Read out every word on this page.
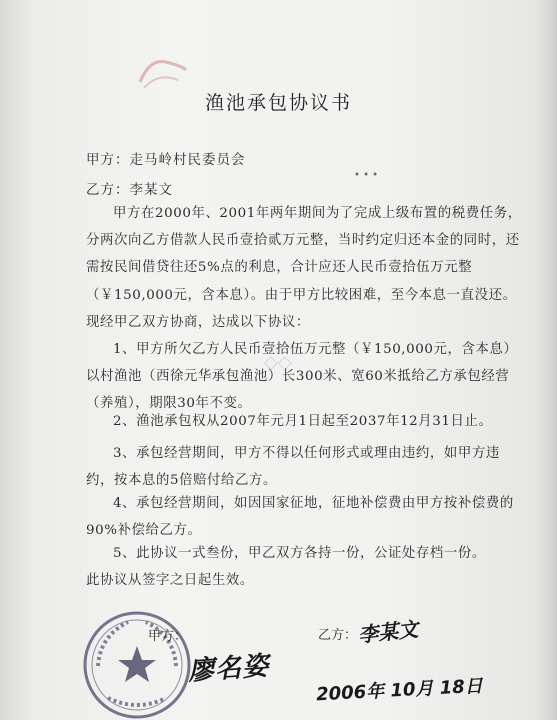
渔池承包协议书
甲方：走马岭村民委员会
• • •
乙方：李某文
甲方在2000年、2001年两年期间为了完成上级布置的税费任务，分两次向乙方借款人民币壹拾贰万元整，当时约定归还本金的同时，还需按民间借贷往还5%点的利息，合计应还人民币壹拾伍万元整（￥150,000元，含本息）。由于甲方比较困难，至今本息一直没还。现经甲乙双方协商，达成以下协议：
1、甲方所欠乙方人民币壹拾伍万元整（￥150,000元，含本息）以村渔池（西徐元华承包渔池）长300米、宽60米抵给乙方承包经营（养殖），期限30年不变。
2、渔池承包权从2007年元月1日起至2037年12月31日止。
3、承包经营期间，甲方不得以任何形式或理由违约，如甲方违约，按本息的5倍赔付给乙方。
4、承包经营期间，如因国家征地，征地补偿费由甲方按补偿费的90%补偿给乙方。
5、此协议一式叁份，甲乙双方各持一份，公证处存档一份。
此协议从签字之日起生效。
◇◇
甲方：
廖名姿
乙方： 李某文
2006年 10月 18日
